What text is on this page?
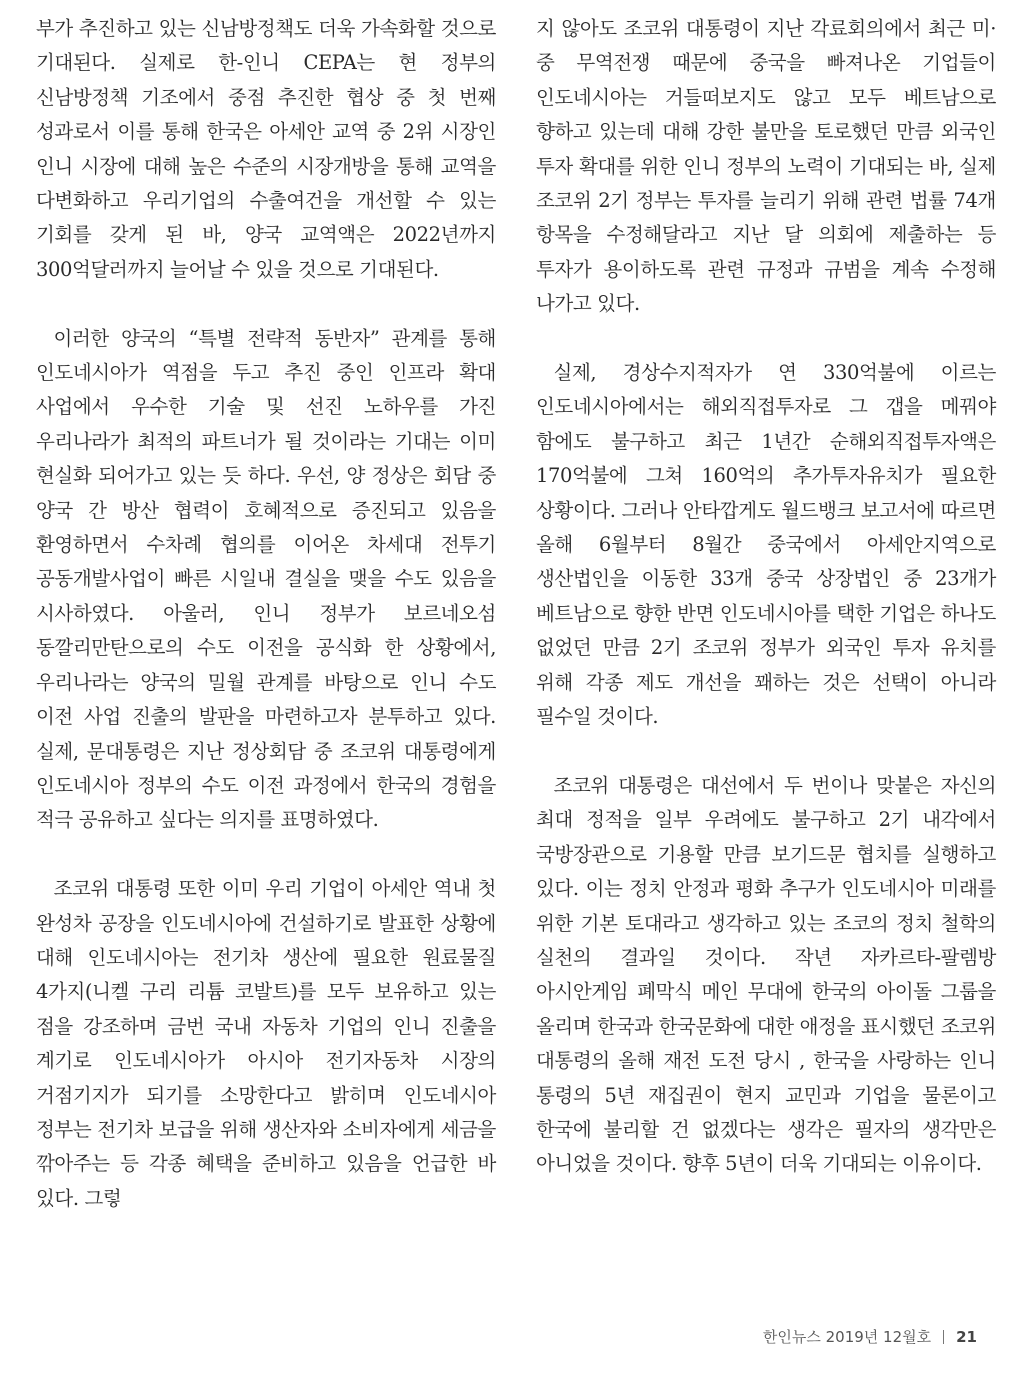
부가 추진하고 있는 신남방정책도 더욱 가속화할 것으로 기대된다. 실제로 한-인니 CEPA는 현 정부의 신남방정책 기조에서 중점 추진한 협상 중 첫 번째 성과로서 이를 통해 한국은 아세안 교역 중 2위 시장인 인니 시장에 대해 높은 수준의 시장개방을 통해 교역을 다변화하고 우리기업의 수출여건을 개선할 수 있는 기회를 갖게 된 바, 양국 교역액은 2022년까지 300억달러까지 늘어날 수 있을 것으로 기대된다.

이러한 양국의 “특별 전략적 동반자” 관계를 통해 인도네시아가 역점을 두고 추진 중인 인프라 확대 사업에서 우수한 기술 및 선진 노하우를 가진 우리나라가 최적의 파트너가 될 것이라는 기대는 이미 현실화 되어가고 있는 듯 하다. 우선, 양 정상은 회담 중 양국 간 방산 협력이 호혜적으로 증진되고 있음을 환영하면서 수차례 협의를 이어온 차세대 전투기 공동개발사업이 빠른 시일내 결실을 맺을 수도 있음을 시사하였다. 아울러, 인니 정부가 보르네오섬 동깔리만탄으로의 수도 이전을 공식화 한 상황에서, 우리나라는 양국의 밀월 관계를 바탕으로 인니 수도 이전 사업 진출의 발판을 마련하고자 분투하고 있다. 실제, 문대통령은 지난 정상회담 중 조코위 대통령에게 인도네시아 정부의 수도 이전 과정에서 한국의 경험을 적극 공유하고 싶다는 의지를 표명하였다.

조코위 대통령 또한 이미 우리 기업이 아세안 역내 첫 완성차 공장을 인도네시아에 건설하기로 발표한 상황에 대해 인도네시아는 전기차 생산에 필요한 원료물질 4가지(니켈 구리 리튬 코발트)를 모두 보유하고 있는 점을 강조하며 금번 국내 자동차 기업의 인니 진출을 계기로 인도네시아가 아시아 전기자동차 시장의 거점기지가 되기를 소망한다고 밝히며 인도네시아 정부는 전기차 보급을 위해 생산자와 소비자에게 세금을 깎아주는 등 각종 혜택을 준비하고 있음을 언급한 바 있다. 그렇

지 않아도 조코위 대통령이 지난 각료회의에서 최근 미·중 무역전쟁 때문에 중국을 빠져나온 기업들이 인도네시아는 거들떠보지도 않고 모두 베트남으로 향하고 있는데 대해 강한 불만을 토로했던 만큼 외국인 투자 확대를 위한 인니 정부의 노력이 기대되는 바, 실제 조코위 2기 정부는 투자를 늘리기 위해 관련 법률 74개 항목을 수정해달라고 지난 달 의회에 제출하는 등 투자가 용이하도록 관련 규정과 규범을 계속 수정해 나가고 있다.

실제, 경상수지적자가 연 330억불에 이르는 인도네시아에서는 해외직접투자로 그 갭을 메꿔야 함에도 불구하고 최근 1년간 순해외직접투자액은 170억불에 그쳐 160억의 추가투자유치가 필요한 상황이다. 그러나 안타깝게도 월드뱅크 보고서에 따르면 올해 6월부터 8월간 중국에서 아세안지역으로 생산법인을 이동한 33개 중국 상장법인 중 23개가 베트남으로 향한 반면 인도네시아를 택한 기업은 하나도 없었던 만큼 2기 조코위 정부가 외국인 투자 유치를 위해 각종 제도 개선을 꽤하는 것은 선택이 아니라 필수일 것이다.

조코위 대통령은 대선에서 두 번이나 맞붙은 자신의 최대 정적을 일부 우려에도 불구하고 2기 내각에서 국방장관으로 기용할 만큼 보기드문 협치를 실행하고 있다. 이는 정치 안정과 평화 추구가 인도네시아 미래를 위한 기본 토대라고 생각하고 있는 조코의 정치 철학의 실천의 결과일 것이다. 작년 자카르타-팔렘방 아시안게임 폐막식 메인 무대에 한국의 아이돌 그룹을 올리며 한국과 한국문화에 대한 애정을 표시했던 조코위 대통령의 올해 재전 도전 당시 , 한국을 사랑하는 인니 통령의 5년 재집권이 현지 교민과 기업을 물론이고 한국에 불리할 건 없겠다는 생각은 필자의 생각만은 아니었을 것이다. 향후 5년이 더욱 기대되는 이유이다.

한인뉴스 2019년 12월호 21
